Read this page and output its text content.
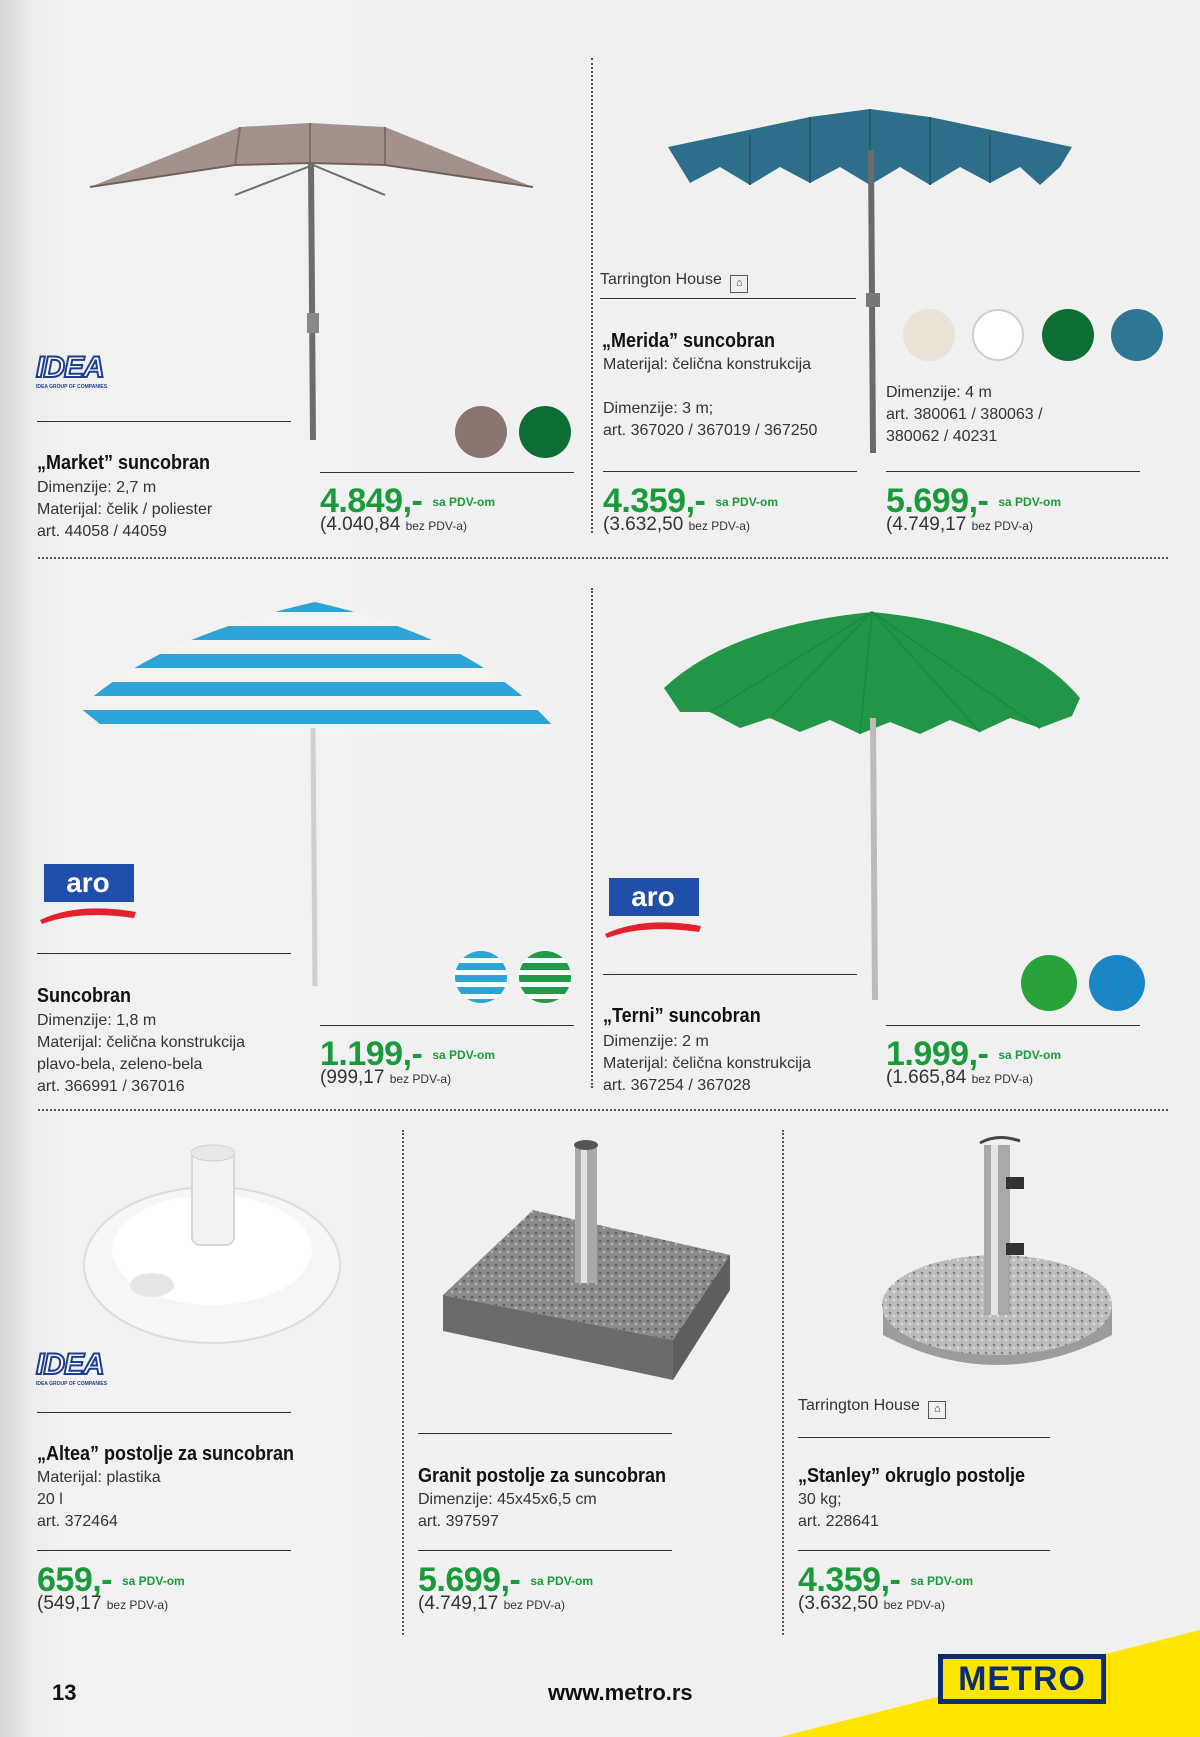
IDEA
IDEA GROUP OF COMPANIES
„Market” suncobran
Dimenzije: 2,7 m
Materijal: čelik / poliester
art. 44058 / 44059
4.849,- $^{sa PDV-om}$
(4.040,84 bez PDV-a)
Tarrington House ⌂
„Merida” suncobran
Materijal: čelična konstrukcija
Dimenzije: 3 m;
art. 367020 / 367019 / 367250
4.359,- $^{sa PDV-om}$
(3.632,50 bez PDV-a)
Dimenzije: 4 m
art. 380061 / 380063 /
380062 / 40231
5.699,- $^{sa PDV-om}$
(4.749,17 bez PDV-a)
aro
Suncobran
Dimenzije: 1,8 m
Materijal: čelična konstrukcija
plavo-bela, zeleno-bela
art. 366991 / 367016
1.199,- $^{sa PDV-om}$
(999,17 bez PDV-a)
aro
„Terni” suncobran
Dimenzije: 2 m
Materijal: čelična konstrukcija
art. 367254 / 367028
1.999,- $^{sa PDV-om}$
(1.665,84 bez PDV-a)
IDEA
IDEA GROUP OF COMPANIES
„Altea” postolje za suncobran
Materijal: plastika
20 l
art. 372464
659,- $^{sa PDV-om}$
(549,17 bez PDV-a)
Granit postolje za suncobran
Dimenzije: 45x45x6,5 cm
art. 397597
5.699,- $^{sa PDV-om}$
(4.749,17 bez PDV-a)
Tarrington House ⌂
„Stanley” okruglo postolje
30 kg;
art. 228641
4.359,- $^{sa PDV-om}$
(3.632,50 bez PDV-a)
13	www.metro.rs	METRO
